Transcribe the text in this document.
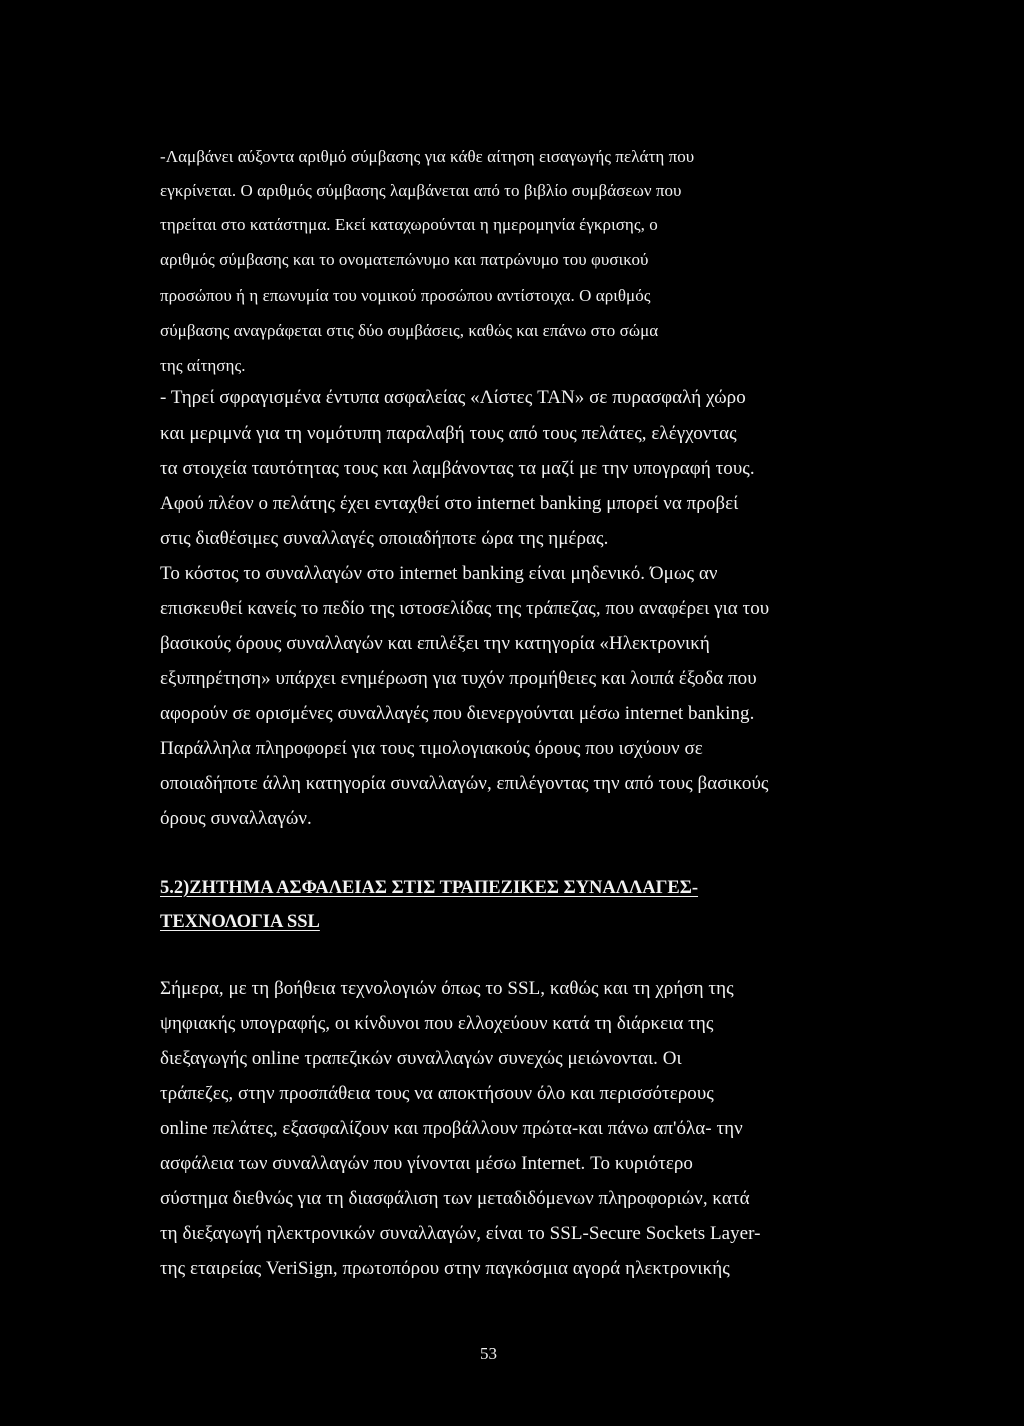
-Λαμβάνει αύξοντα αριθμό σύμβασης για κάθε αίτηση εισαγωγής πελάτη που
εγκρίνεται. Ο αριθμός σύμβασης λαμβάνεται από το βιβλίο συμβάσεων που
τηρείται στο κατάστημα. Εκεί καταχωρούνται η ημερομηνία έγκρισης, ο
αριθμός σύμβασης και το ονοματεπώνυμο και πατρώνυμο του φυσικού
προσώπου ή η επωνυμία του νομικού προσώπου αντίστοιχα. Ο αριθμός
σύμβασης αναγράφεται στις δύο συμβάσεις, καθώς και επάνω στο σώμα
της αίτησης.
- Τηρεί σφραγισμένα έντυπα ασφαλείας «Λίστες TAN» σε πυρασφαλή χώρο
και μεριμνά για τη νομότυπη παραλαβή τους από τους πελάτες, ελέγχοντας
τα στοιχεία ταυτότητας τους και λαμβάνοντας τα μαζί με την υπογραφή τους.
Αφού πλέον ο πελάτης έχει ενταχθεί στο internet banking μπορεί να προβεί
στις διαθέσιμες συναλλαγές οποιαδήποτε ώρα της ημέρας.
Το κόστος το συναλλαγών στο internet banking είναι μηδενικό. Όμως αν
επισκευθεί κανείς το πεδίο της ιστοσελίδας της τράπεζας, που αναφέρει για του
βασικούς όρους συναλλαγών και επιλέξει την κατηγορία «Ηλεκτρονική
εξυπηρέτηση» υπάρχει ενημέρωση για τυχόν προμήθειες και λοιπά έξοδα που
αφορούν σε ορισμένες συναλλαγές που διενεργούνται μέσω internet banking.
Παράλληλα πληροφορεί για τους τιμολογιακούς όρους που ισχύουν σε
οποιαδήποτε άλλη κατηγορία συναλλαγών, επιλέγοντας την από τους βασικούς
όρους συναλλαγών.
5.2)ΖΗΤΗΜΑ ΑΣΦΑΛΕΙΑΣ ΣΤΙΣ ΤΡΑΠΕΖΙΚΕΣ ΣΥΝΑΛΛΑΓΕΣ-
ΤΕΧΝΟΛΟΓΙΑ SSL
Σήμερα, με τη βοήθεια τεχνολογιών όπως το SSL, καθώς και τη χρήση της
ψηφιακής υπογραφής, οι κίνδυνοι που ελλοχεύουν κατά τη διάρκεια της
διεξαγωγής online τραπεζικών συναλλαγών συνεχώς μειώνονται. Οι
τράπεζες, στην προσπάθεια τους να αποκτήσουν όλο και περισσότερους
online πελάτες, εξασφαλίζουν και προβάλλουν πρώτα-και πάνω απ'όλα- την
ασφάλεια των συναλλαγών που γίνονται μέσω Internet. Το κυριότερο
σύστημα διεθνώς για τη διασφάλιση των μεταδιδόμενων πληροφοριών, κατά
τη διεξαγωγή ηλεκτρονικών συναλλαγών, είναι το SSL-Secure Sockets Layer-
της εταιρείας VeriSign, πρωτοπόρου στην παγκόσμια αγορά ηλεκτρονικής
53
